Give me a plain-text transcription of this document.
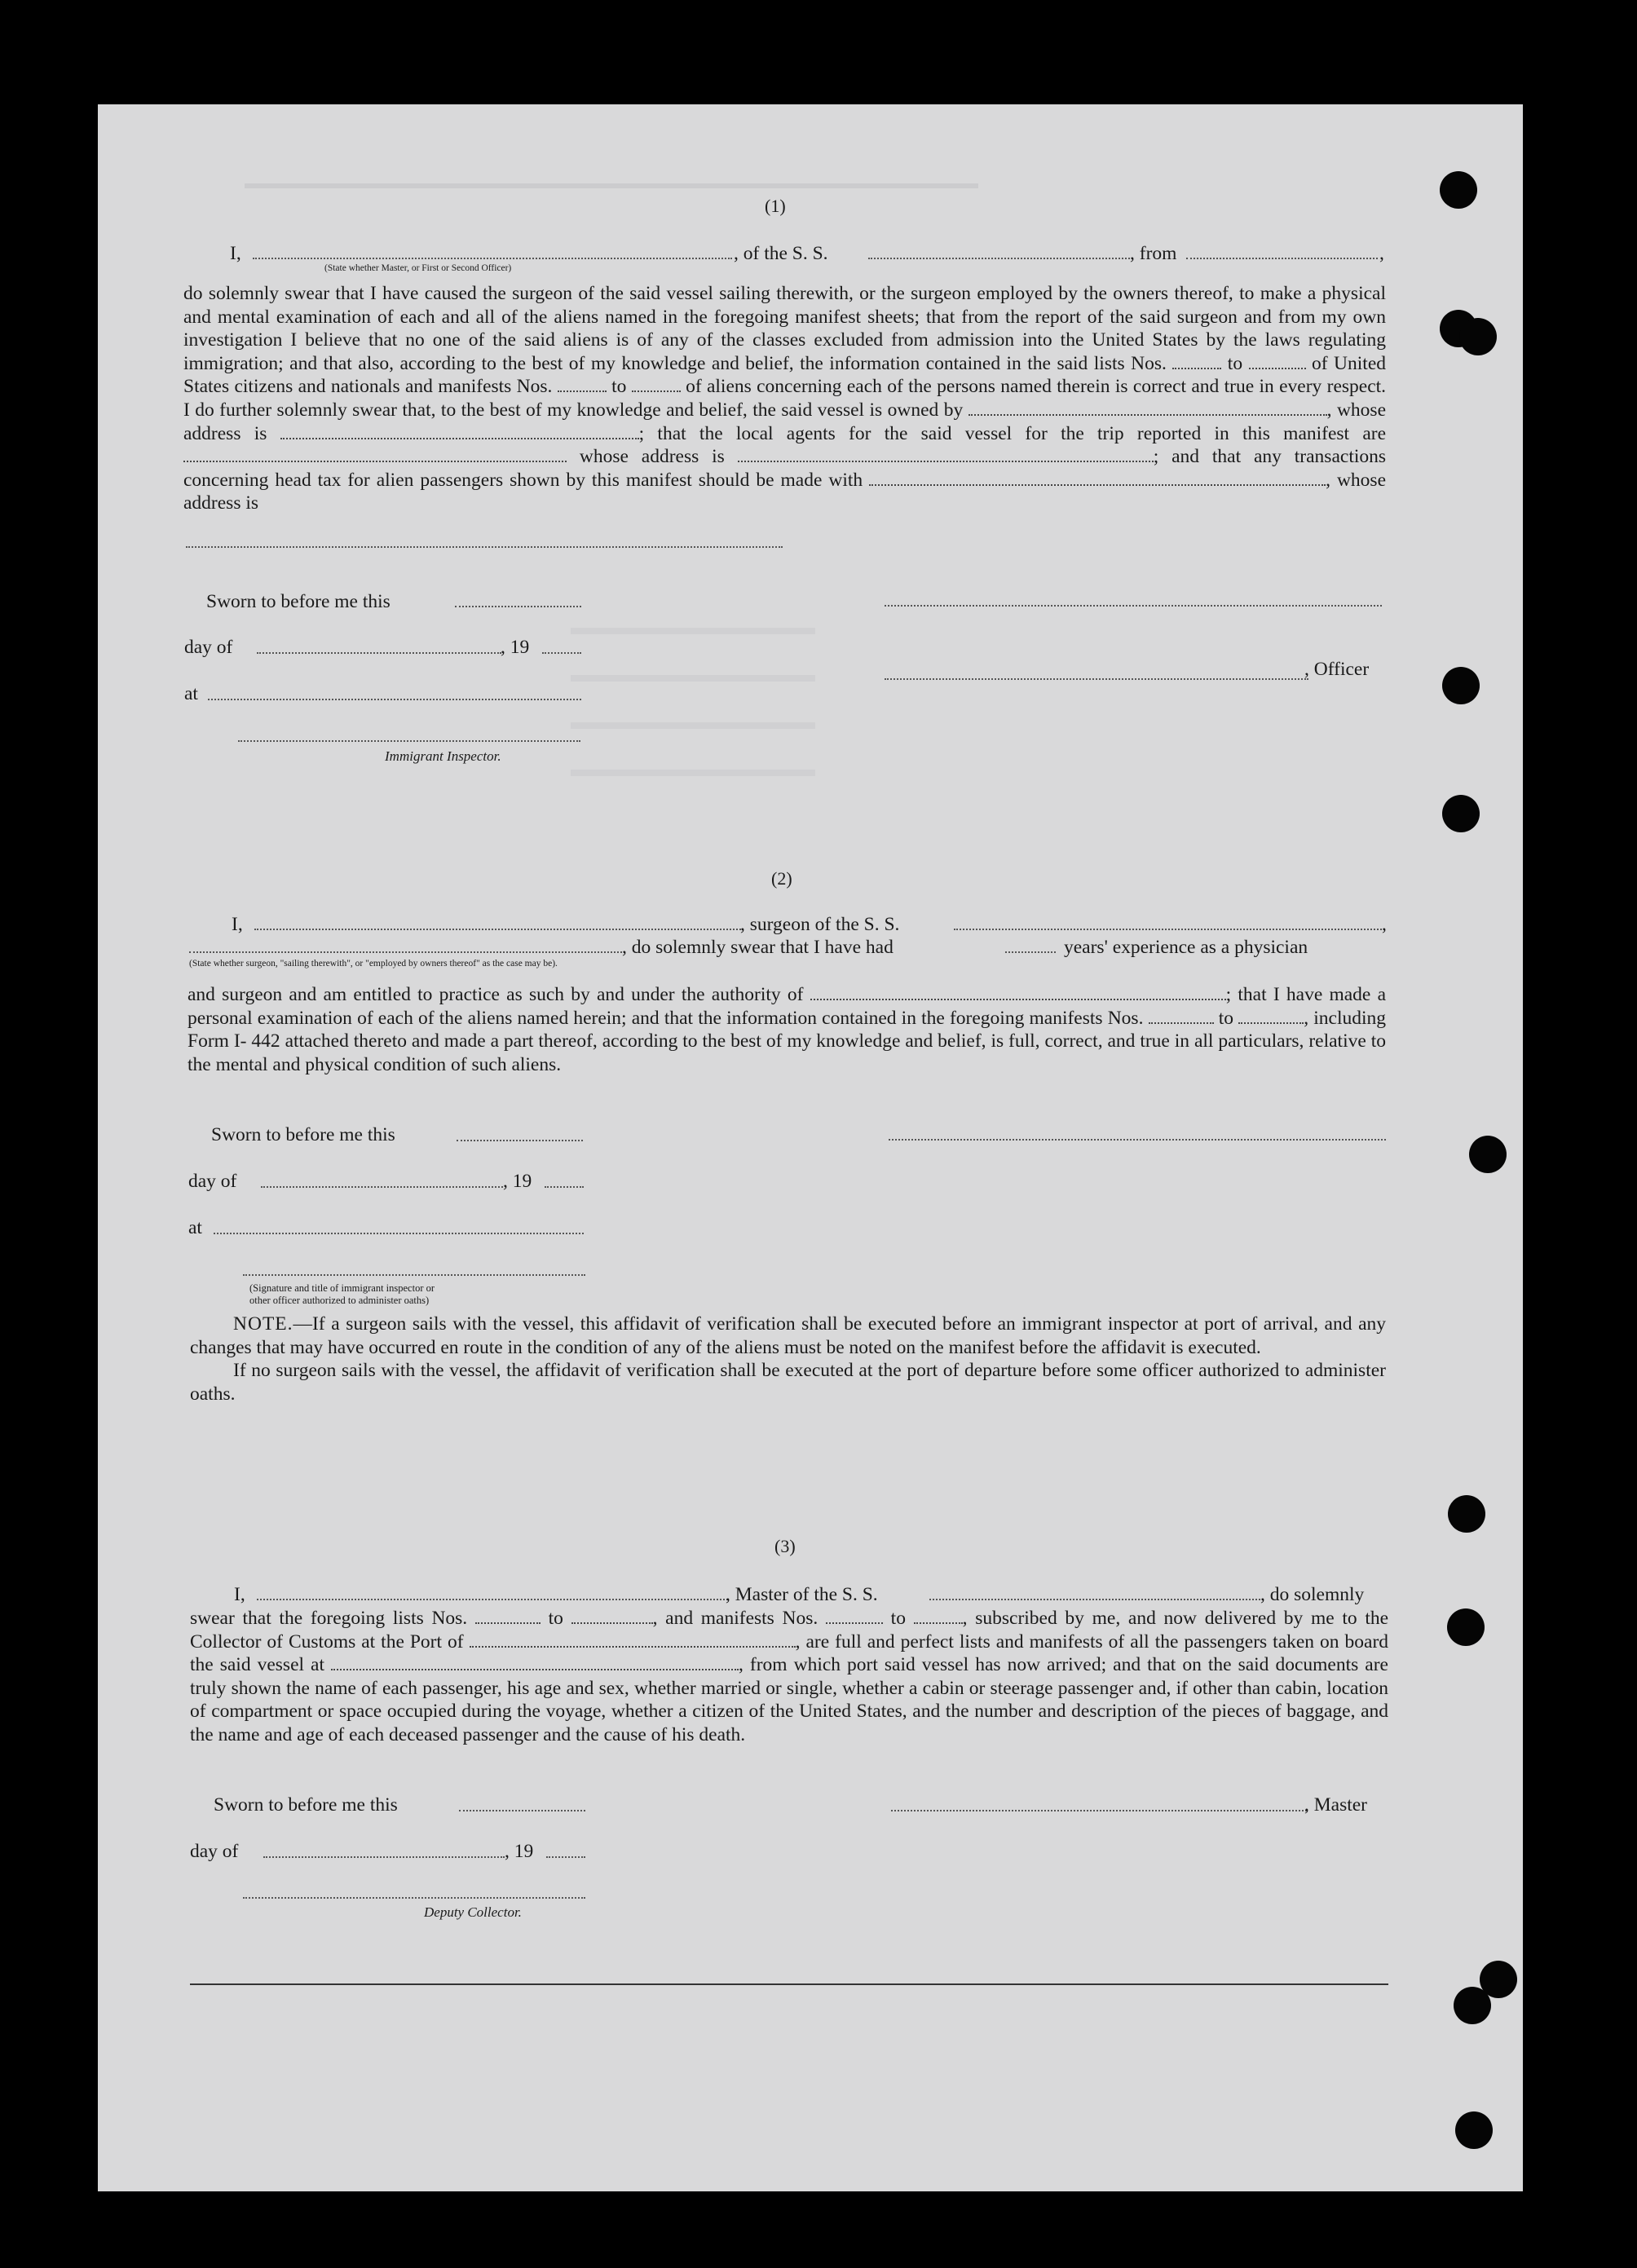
(1)
I,
(State whether Master, or First or Second Officer)
, of the S. S.	, from	,
do solemnly swear that I have caused the surgeon of the said vessel sailing therewith, or the surgeon employed by the owners thereof, to make a physical and mental examination of each and all of the aliens named in the foregoing manifest sheets; that from the report of the said surgeon and from my own investigation I believe that no one of the said aliens is of any of the classes excluded from admission into the United States by the laws regulating immigration; and that also, according to the best of my knowledge and belief, the information contained in the said lists Nos.	to	of United States citizens and nationals and manifests Nos.	to	of aliens concerning each of the persons named therein is correct and true in every respect. I do further solemnly swear that, to the best of my knowledge and belief, the said vessel is owned by	, whose address is	; that the local agents for the said vessel for the trip reported in this manifest are  whose address is	; and that any transactions concerning head tax for alien passengers shown by this manifest should be made with	, whose address is
Sworn to before me this
day of	, 19
at
Immigrant Inspector.
, Officer
(2)
I,	, surgeon of the S. S.	,
, do solemnly swear that I have had	years' experience as a physician
(State whether surgeon, "sailing therewith", or "employed by owners thereof" as the case may be).
and surgeon and am entitled to practice as such by and under the authority of	; that I have made a personal examination of each of the aliens named herein; and that the information contained in the foregoing manifests Nos.	to	, including Form I- 442 attached thereto and made a part thereof, according to the best of my knowledge and belief, is full, correct, and true in all particulars, relative to the mental and physical condition of such aliens.
Sworn to before me this
day of	, 19
at
(Signature and title of immigrant inspector or
other officer authorized to administer oaths)
NOTE.—If a surgeon sails with the vessel, this affidavit of verification shall be executed before an immigrant inspector at port of arrival, and any changes that may have occurred en route in the condition of any of the aliens must be noted on the manifest before the affidavit is executed.
If no surgeon sails with the vessel, the affidavit of verification shall be executed at the port of departure before some officer authorized to administer oaths.
(3)
I,	, Master of the S. S.	, do solemnly
swear that the foregoing lists Nos.	to	, and manifests Nos.	to	, subscribed by me, and now delivered by me to the Collector of Customs at the Port of	, are full and perfect lists and manifests of all the passengers taken on board the said vessel at	, from which port said vessel has now arrived; and that on the said documents are truly shown the name of each passenger, his age and sex, whether married or single, whether a cabin or steerage passenger and, if other than cabin, location of compartment or space occupied during the voyage, whether a citizen of the United States, and the number and description of the pieces of baggage, and the name and age of each deceased passenger and the cause of his death.
Sworn to before me this
day of	, 19
Deputy Collector.
, Master
